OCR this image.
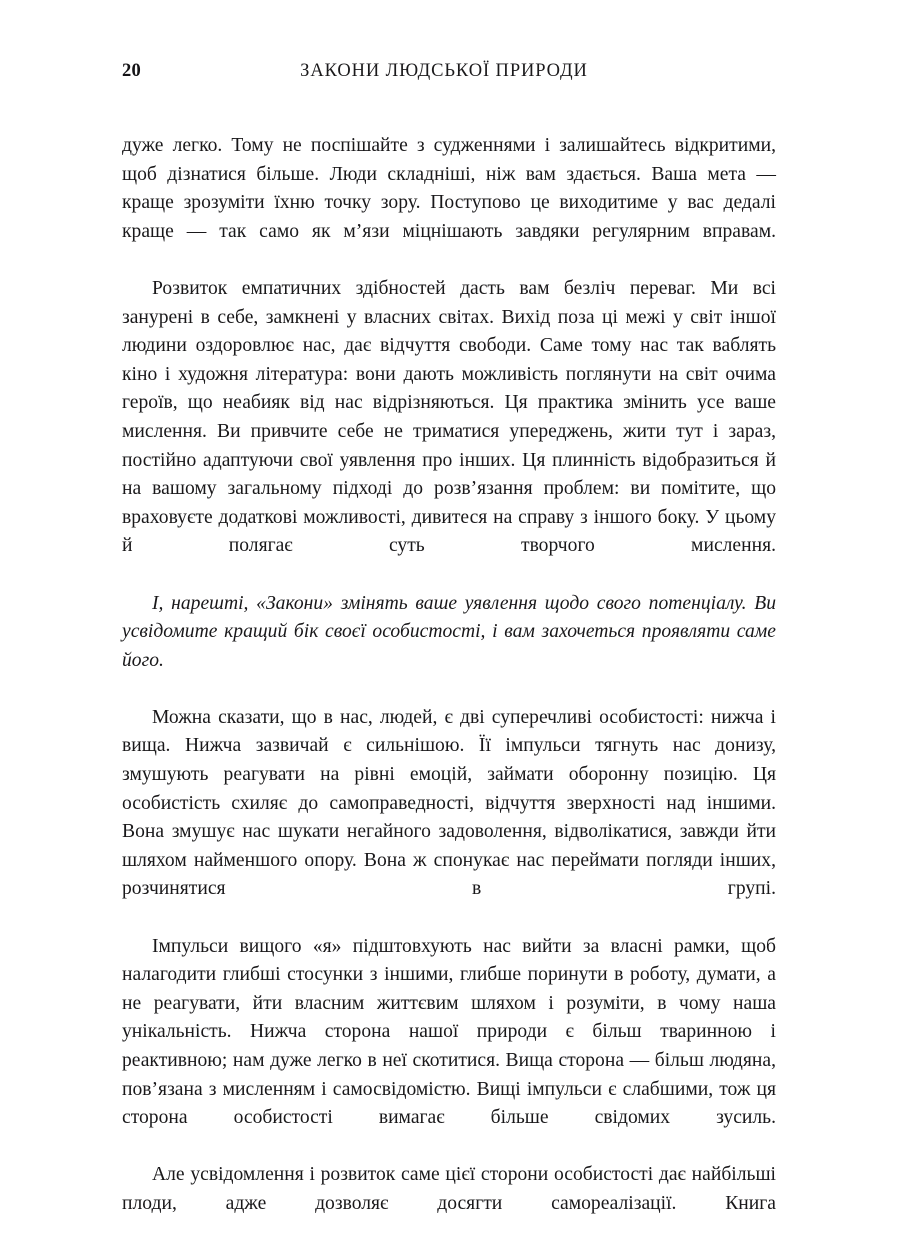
20	ЗАКОНИ ЛЮДСЬКОЇ ПРИРОДИ

дуже легко. Тому не поспішайте з судженнями і залишайтесь відкритими, щоб дізнатися більше. Люди складніші, ніж вам здається. Ваша мета — краще зрозуміти їхню точку зору. Поступово це виходитиме у вас дедалі краще — так само як м’язи міцнішають завдяки регулярним вправам.

Розвиток емпатичних здібностей дасть вам безліч переваг. Ми всі занурені в себе, замкнені у власних світах. Вихід поза ці межі у світ іншої людини оздоровлює нас, дає відчуття свободи. Саме тому нас так ваблять кіно і художня література: вони дають можливість поглянути на світ очима героїв, що неабияк від нас відрізняються. Ця практика змінить усе ваше мислення. Ви привчите себе не триматися упереджень, жити тут і зараз, постійно адаптуючи свої уявлення про інших. Ця плинність відобразиться й на вашому загальному підході до розв’язання проблем: ви помітите, що враховуєте додаткові можливості, дивитеся на справу з іншого боку. У цьому й полягає суть творчого мислення.

І, нарешті, «Закони» змінять ваше уявлення щодо свого потенціалу. Ви усвідомите кращий бік своєї особистості, і вам захочеться проявляти саме його.

Можна сказати, що в нас, людей, є дві суперечливі особистості: нижча і вища. Нижча зазвичай є сильнішою. Її імпульси тягнуть нас донизу, змушують реагувати на рівні емоцій, займати оборонну позицію. Ця особистість схиляє до самоправедності, відчуття зверхності над іншими. Вона змушує нас шукати негайного задоволення, відволікатися, завжди йти шляхом найменшого опору. Вона ж спонукає нас переймати погляди інших, розчинятися в групі.

Імпульси вищого «я» підштовхують нас вийти за власні рамки, щоб налагодити глибші стосунки з іншими, глибше поринути в роботу, думати, а не реагувати, йти власним життєвим шляхом і розуміти, в чому наша унікальність. Нижча сторона нашої природи є більш тваринною і реактивною; нам дуже легко в неї скотитися. Вища сторона — більш людяна, пов’язана з мисленням і самосвідомістю. Вищі імпульси є слабшими, тож ця сторона особистості вимагає більше свідомих зусиль.

Але усвідомлення і розвиток саме цієї сторони особистості дає найбільші плоди, адже дозволяє досягти самореалізації. Книга
